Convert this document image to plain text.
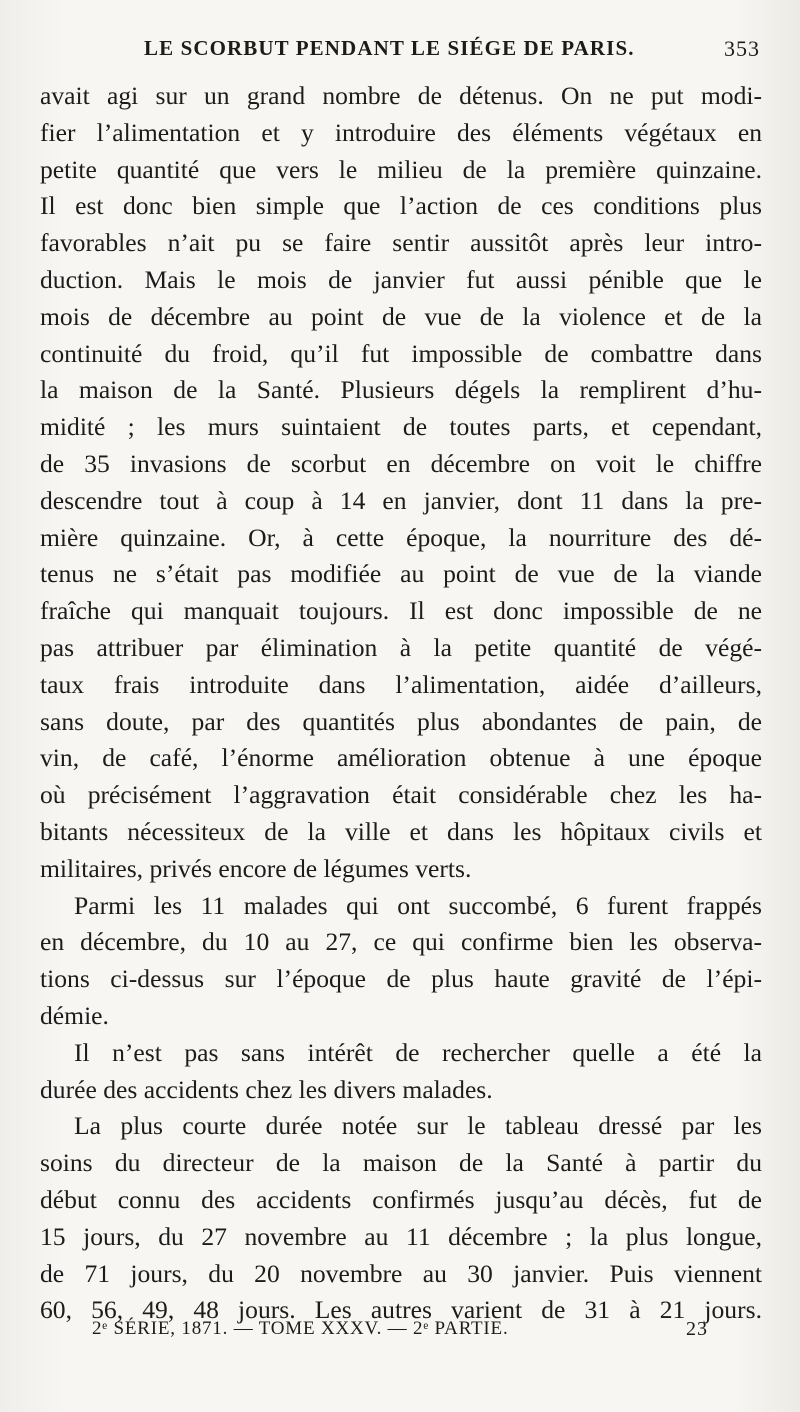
LE SCORBUT PENDANT LE SIÉGE DE PARIS.	353
avait agi sur un grand nombre de détenus. On ne put modi-
fier l’alimentation et y introduire des éléments végétaux en
petite quantité que vers le milieu de la première quinzaine.
Il est donc bien simple que l’action de ces conditions plus
favorables n’ait pu se faire sentir aussitôt après leur intro-
duction. Mais le mois de janvier fut aussi pénible que le
mois de décembre au point de vue de la violence et de la
continuité du froid, qu’il fut impossible de combattre dans
la maison de la Santé. Plusieurs dégels la remplirent d’hu-
midité ; les murs suintaient de toutes parts, et cependant,
de 35 invasions de scorbut en décembre on voit le chiffre
descendre tout à coup à 14 en janvier, dont 11 dans la pre-
mière quinzaine. Or, à cette époque, la nourriture des dé-
tenus ne s’était pas modifiée au point de vue de la viande
fraîche qui manquait toujours. Il est donc impossible de ne
pas attribuer par élimination à la petite quantité de végé-
taux frais introduite dans l’alimentation, aidée d’ailleurs,
sans doute, par des quantités plus abondantes de pain, de
vin, de café, l’énorme amélioration obtenue à une époque
où précisément l’aggravation était considérable chez les ha-
bitants nécessiteux de la ville et dans les hôpitaux civils et
militaires, privés encore de légumes verts.
Parmi les 11 malades qui ont succombé, 6 furent frappés
en décembre, du 10 au 27, ce qui confirme bien les observa-
tions ci-dessus sur l’époque de plus haute gravité de l’épi-
démie.
Il n’est pas sans intérêt de rechercher quelle a été la
durée des accidents chez les divers malades.
La plus courte durée notée sur le tableau dressé par les
soins du directeur de la maison de la Santé à partir du
début connu des accidents confirmés jusqu’au décès, fut de
15 jours, du 27 novembre au 11 décembre ; la plus longue,
de 71 jours, du 20 novembre au 30 janvier. Puis viennent
60, 56, 49, 48 jours. Les autres varient de 31 à 21 jours.
2ᵉ SÉRIE, 1871. — TOME XXXV. — 2ᵉ PARTIE.	23
